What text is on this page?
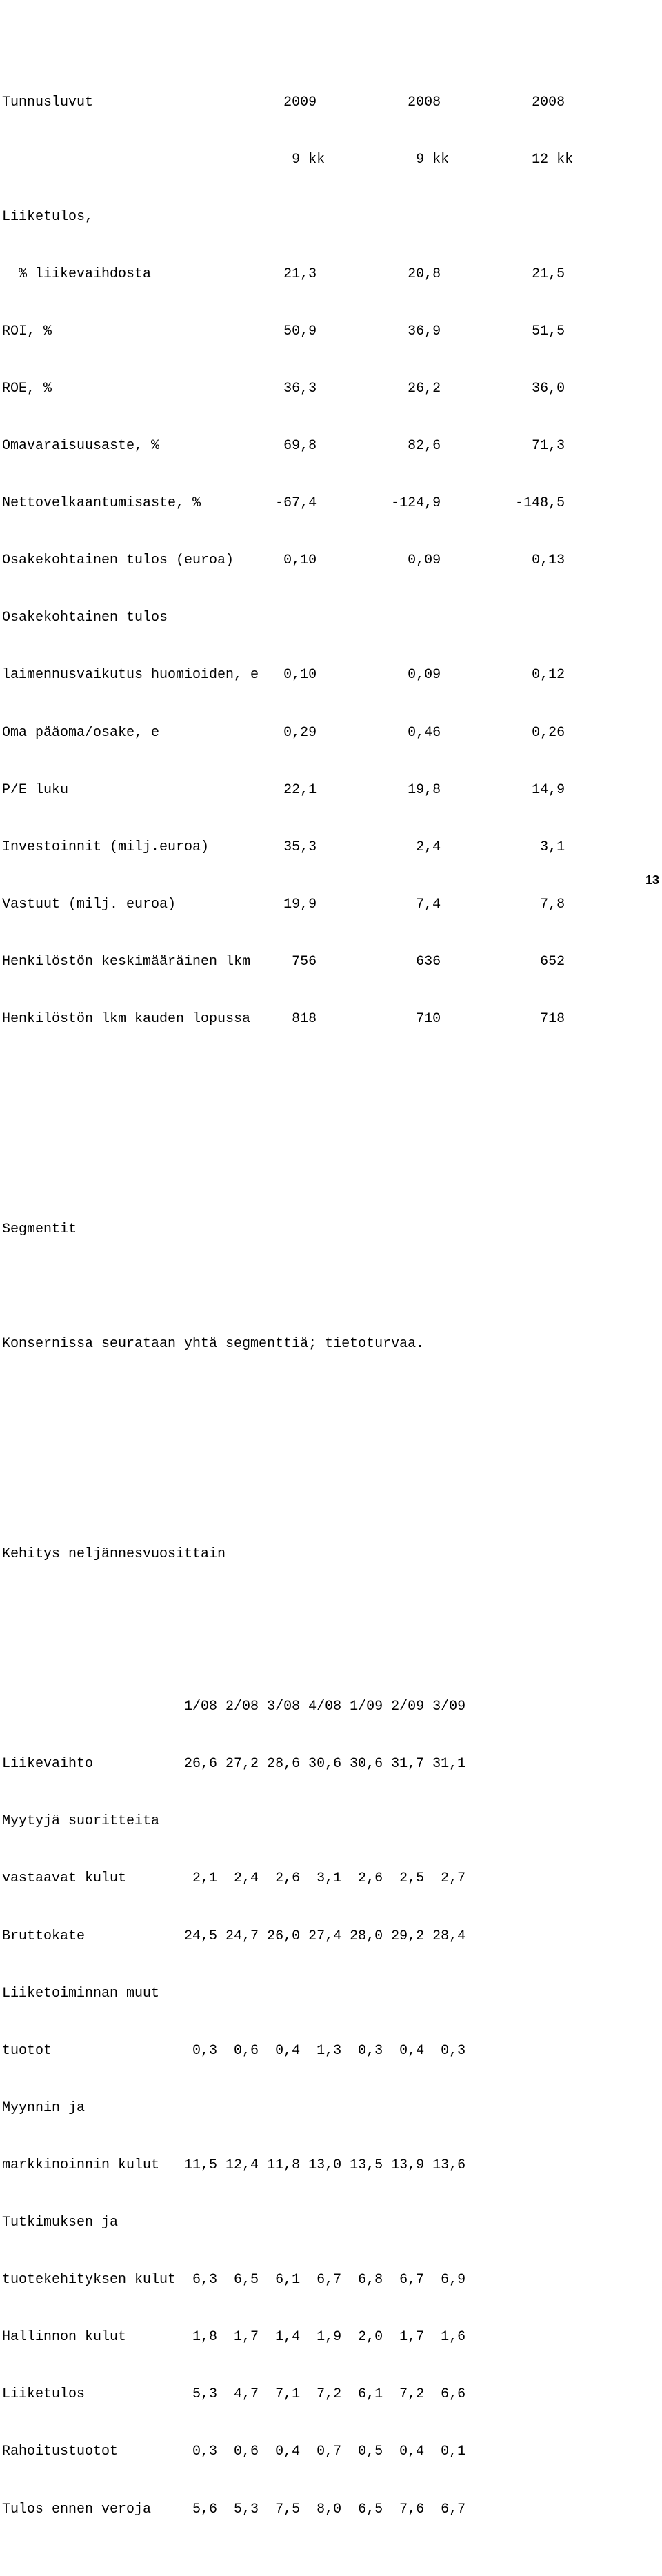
Tunnusluvut                       2009           2008           2008

9 kk           9 kk          12 kk

Liiketulos,

% liikevaihdosta                21,3           20,8           21,5

ROI, %                            50,9           36,9           51,5

ROE, %                            36,3           26,2           36,0

Omavaraisuusaste, %               69,8           82,6           71,3

Nettovelkaantumisaste, %         -67,4         -124,9         -148,5

Osakekohtainen tulos (euroa)      0,10           0,09           0,13

Osakekohtainen tulos

laimennusvaikutus huomioiden, e   0,10           0,09           0,12

Oma pääoma/osake, e               0,29           0,46           0,26

P/E luku                          22,1           19,8           14,9

Investoinnit (milj.euroa)         35,3            2,4            3,1

Vastuut (milj. euroa)             19,9            7,4            7,8

Henkilöstön keskimääräinen lkm     756            636            652

Henkilöstön lkm kauden lopussa     818            710            718

Segmentit

Konsernissa seurataan yhtä segmenttiä; tietoturvaa.

Kehitys neljännesvuosittain

1/08 2/08 3/08 4/08 1/09 2/09 3/09

Liikevaihto           26,6 27,2 28,6 30,6 30,6 31,7 31,1

Myytyjä suoritteita

vastaavat kulut        2,1  2,4  2,6  3,1  2,6  2,5  2,7

Bruttokate            24,5 24,7 26,0 27,4 28,0 29,2 28,4

Liiketoiminnan muut

tuotot                 0,3  0,6  0,4  1,3  0,3  0,4  0,3

Myynnin ja

markkinoinnin kulut   11,5 12,4 11,8 13,0 13,5 13,9 13,6

Tutkimuksen ja

tuotekehityksen kulut  6,3  6,5  6,1  6,7  6,8  6,7  6,9

Hallinnon kulut        1,8  1,7  1,4  1,9  2,0  1,7  1,6

Liiketulos             5,3  4,7  7,1  7,2  6,1  7,2  6,6

Rahoitustuotot         0,3  0,6  0,4  0,7  0,5  0,4  0,1

Tulos ennen veroja     5,6  5,3  7,5  8,0  6,5  7,6  6,7

13
